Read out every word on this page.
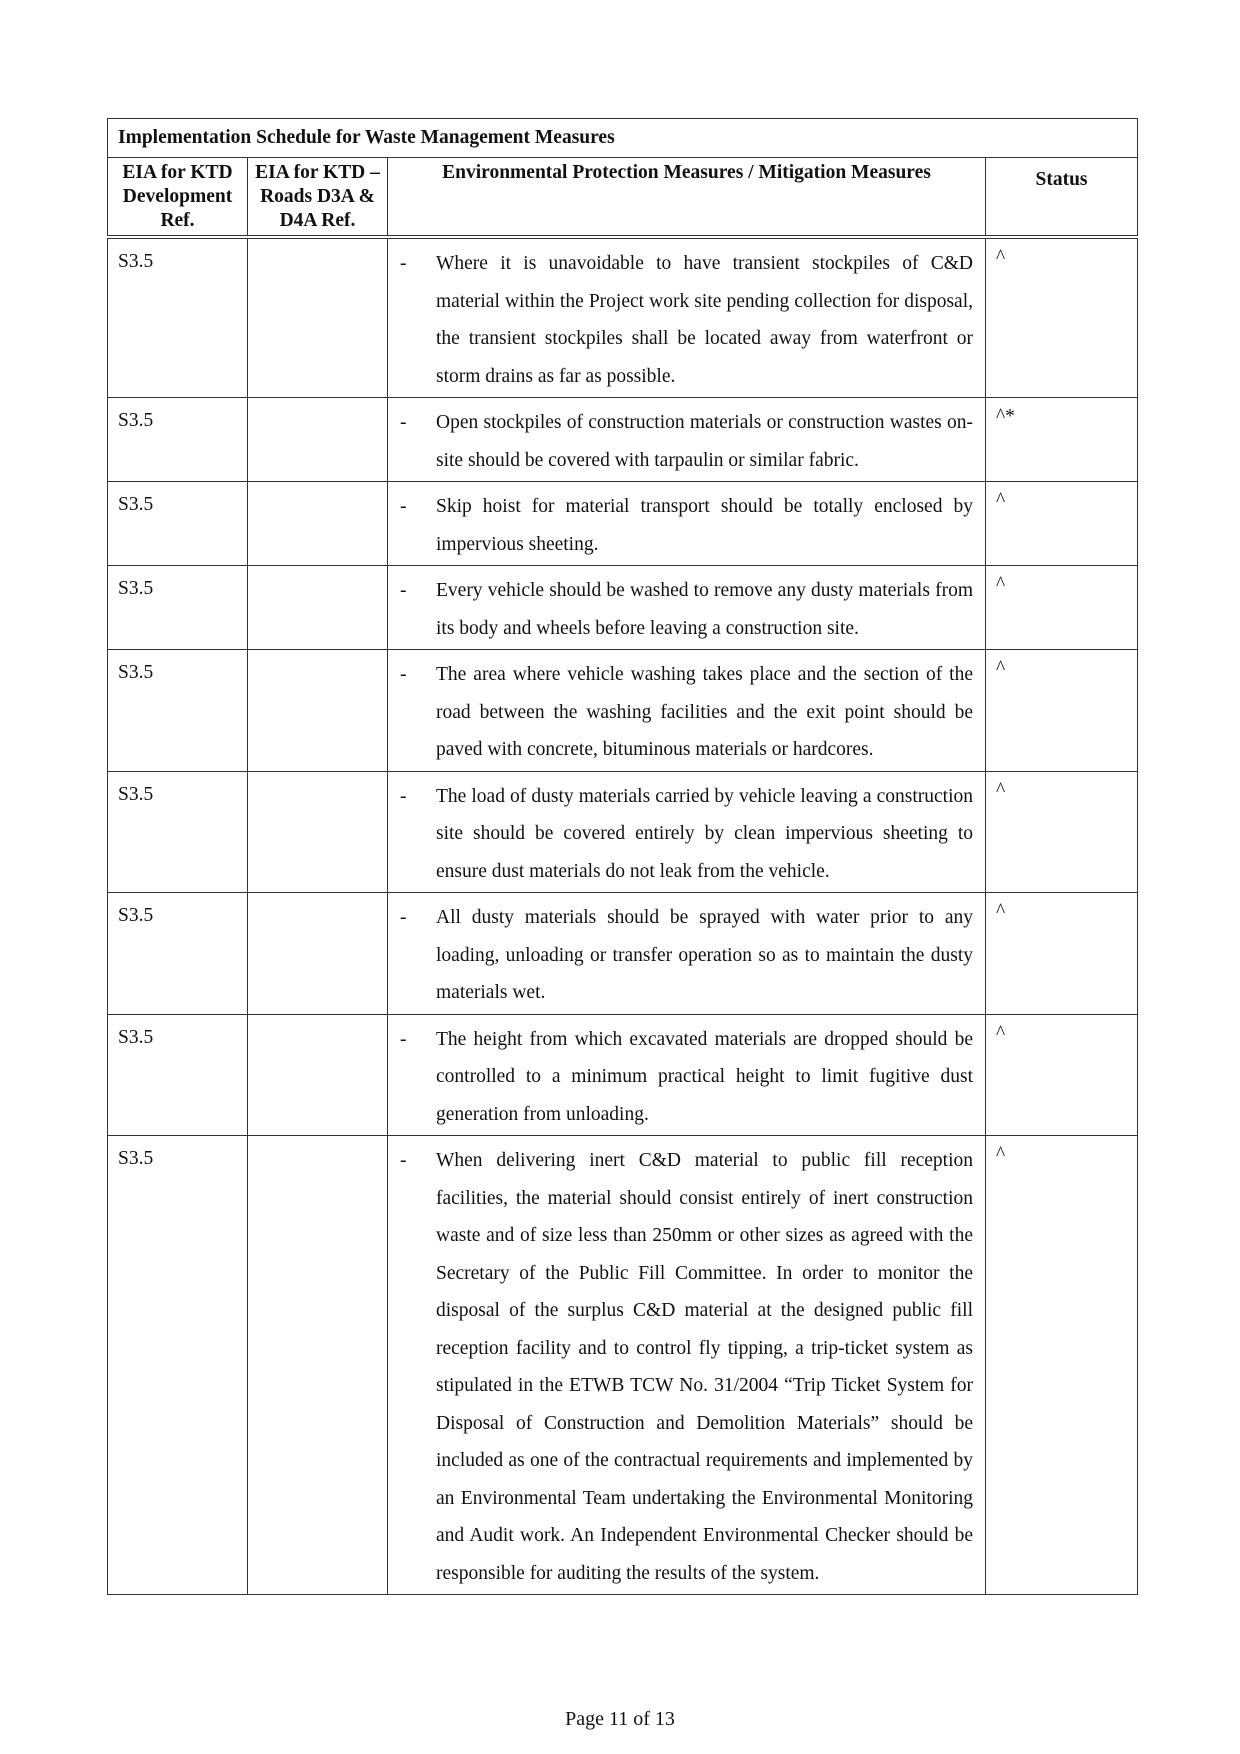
Implementation Schedule for Waste Management Measures			
EIA for KTD Development Ref.	EIA for KTD – Roads D3A & D4A Ref.	Environmental Protection Measures / Mitigation Measures	Status

S3.5		- Where it is unavoidable to have transient stockpiles of C&D material within the Project work site pending collection for disposal, the transient stockpiles shall be located away from waterfront or storm drains as far as possible.	^

S3.5		- Open stockpiles of construction materials or construction wastes on-site should be covered with tarpaulin or similar fabric.	^*

S3.5		- Skip hoist for material transport should be totally enclosed by impervious sheeting.	^

S3.5		- Every vehicle should be washed to remove any dusty materials from its body and wheels before leaving a construction site.	^

S3.5		- The area where vehicle washing takes place and the section of the road between the washing facilities and the exit point should be paved with concrete, bituminous materials or hardcores.	^

S3.5		- The load of dusty materials carried by vehicle leaving a construction site should be covered entirely by clean impervious sheeting to ensure dust materials do not leak from the vehicle.	^

S3.5		- All dusty materials should be sprayed with water prior to any loading, unloading or transfer operation so as to maintain the dusty materials wet.	^

S3.5		- The height from which excavated materials are dropped should be controlled to a minimum practical height to limit fugitive dust generation from unloading.	^

S3.5		- When delivering inert C&D material to public fill reception facilities, the material should consist entirely of inert construction waste and of size less than 250mm or other sizes as agreed with the Secretary of the Public Fill Committee. In order to monitor the disposal of the surplus C&D material at the designed public fill reception facility and to control fly tipping, a trip-ticket system as stipulated in the ETWB TCW No. 31/2004 “Trip Ticket System for Disposal of Construction and Demolition Materials” should be included as one of the contractual requirements and implemented by an Environmental Team undertaking the Environmental Monitoring and Audit work. An Independent Environmental Checker should be responsible for auditing the results of the system.	^
Page 11 of 13
